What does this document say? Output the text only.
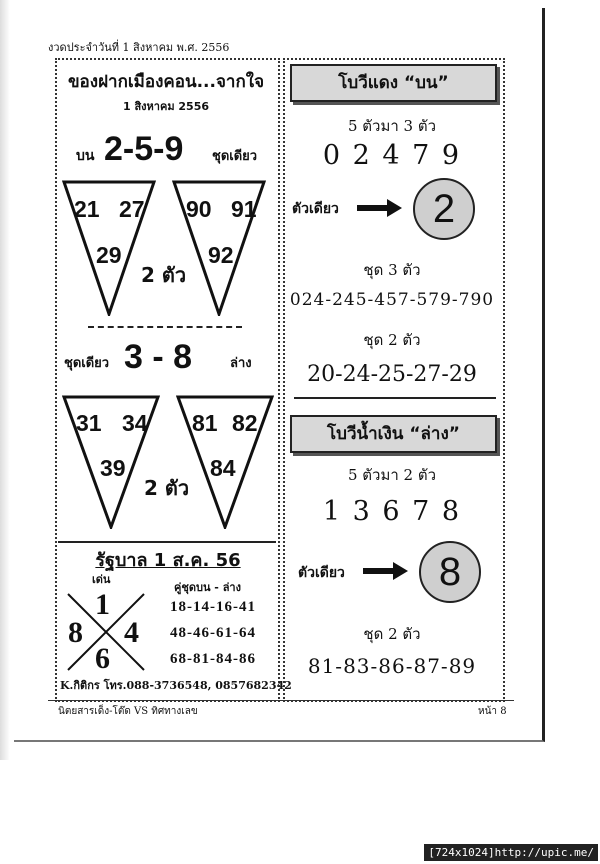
งวดประจำวันที่ 1 สิงหาคม พ.ศ. 2556
ของฝากเมืองคอน...จากใจ
1 สิงหาคม 2556
บน 2-5-9 ชุดเดียว
21 27
29
90 91
92
2 ตัว
ชุดเดียว 3 - 8	ล่าง
31 34
39
81 82
84
2 ตัว
รัฐบาล 1 ส.ค. 56
เด่น
คู่ชุดบน - ล่าง
1
8 4
6
18-14-16-41
48-46-61-64
68-81-84-86
K.กิติกร โทร.088-3736548, 0857682342
โบวีแดง “บน”
5 ตัวมา 3 ตัว
0 2 4 7 9
ตัวเดียว	2
ชุด 3 ตัว
024-245-457-579-790
ชุด 2 ตัว
20-24-25-27-29
โบวีน้ำเงิน “ล่าง”
5 ตัวมา 2 ตัว
1 3 6 7 8
ตัวเดียว	8
ชุด 2 ตัว
81-83-86-87-89
นิตยสารเด็ง-โต๊ด VS ทิศทางเลข	หน้า 8
[724x1024]http://upic.me/
